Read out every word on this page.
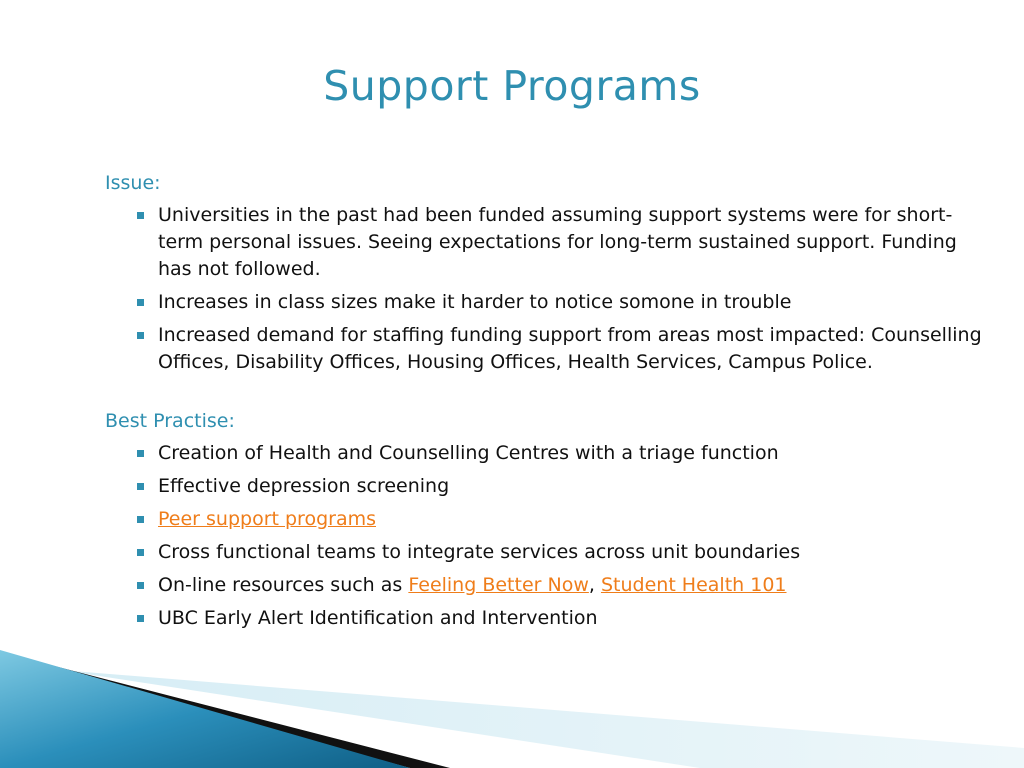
Support Programs
Issue:
Universities in the past had been funded assuming support systems were for short-term personal issues. Seeing expectations for long-term sustained support. Funding has not followed.
Increases in class sizes make it harder to notice somone in trouble
Increased demand for staffing funding support from areas most impacted: Counselling Offices, Disability Offices, Housing Offices, Health Services, Campus Police.
Best Practise:
Creation of Health and Counselling Centres with a triage function
Effective depression screening
Peer support programs
Cross functional teams to integrate services across unit boundaries
On-line resources such as Feeling Better Now, Student Health 101
UBC Early Alert Identification and Intervention
